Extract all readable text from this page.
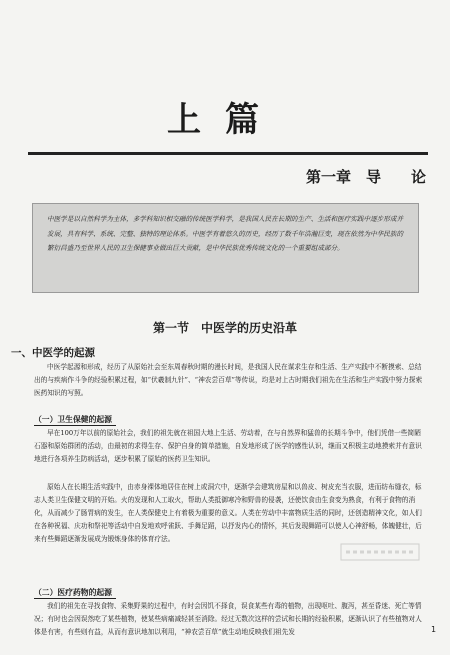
上篇
第一章　导　　论
中医学是以自然科学为主体，多学科知识相交融的传统医学科学，是我国人民在长期的生产、生活和医疗实践中逐步形成并发展，具有科学、系统、完整、独特的理论体系。中医学有着悠久的历史，经历了数千年浩瀚巨变，现在依然为中华民族的繁衍昌盛乃至世界人民的卫生保健事业做出巨大贡献，是中华民族优秀传统文化的一个重要组成部分。
第一节　中医学的历史沿革
一、中医学的起源

中医学起源和形成，经历了从原始社会至东周春秋时期的漫长时间，是我国人民在谋求生存和生活、生产实践中不断摸索、总结出的与疾病作斗争的经验积累过程，如“伏羲制九针”、“神农尝百草”等传说，均是对上古时期我们祖先在生活和生产实践中努力探索医药知识的写照。

（一）卫生保健的起源

早在100万年以前的原始社会，我们的祖先就在祖国大地上生活、劳动着，在与自然界和猛兽的长期斗争中，他们凭借一些简陋石器和原始群团的活动，由最初的求得生存、保护自身的简单措施，自发地形成了医学的感性认识，继而又积极主动地摸索并有意识地进行各项养生防病活动，逐步积累了原始的医药卫生知识。

原始人在长期生活实践中，由赤身裸体地居住在树上或洞穴中，逐渐学会建筑房屋和以兽皮、树皮充当衣服，进而纺布缝衣，标志人类卫生保健文明的开始。火的发现和人工取火，帮助人类抵御寒冷和野兽的侵袭，还使饮食由生食变为熟食，有利于食物的消化，从而减少了肠胃病的发生，在人类保健史上有着极为重要的意义。人类在劳动中丰富物质生活的同时，还创造精神文化，如人们在各种祝福、庆功和祭祀等活动中自发地欢呼雀跃、手舞足蹈，以抒发内心的情怀，其后发现舞蹈可以使人心神舒畅，体魄健壮，后来有些舞蹈逐渐发展成为锻炼身体的体育疗法。

（二）医疗药物的起源

我们的祖先在寻找食物、采集野果的过程中，有时会因饥不择食，误食某些有毒的植物，出现呕吐、腹泻，甚至昏迷、死亡等情况；有时也会因误然吃了某些植物，使某些病痛减轻甚至消除。经过无数次这样的尝试和长期的经验积累，逐渐认识了有些植物对人体是有害，有些则有益，从而有意识地加以利用，“神农尝百草”就生动地反映我们祖先发	1
